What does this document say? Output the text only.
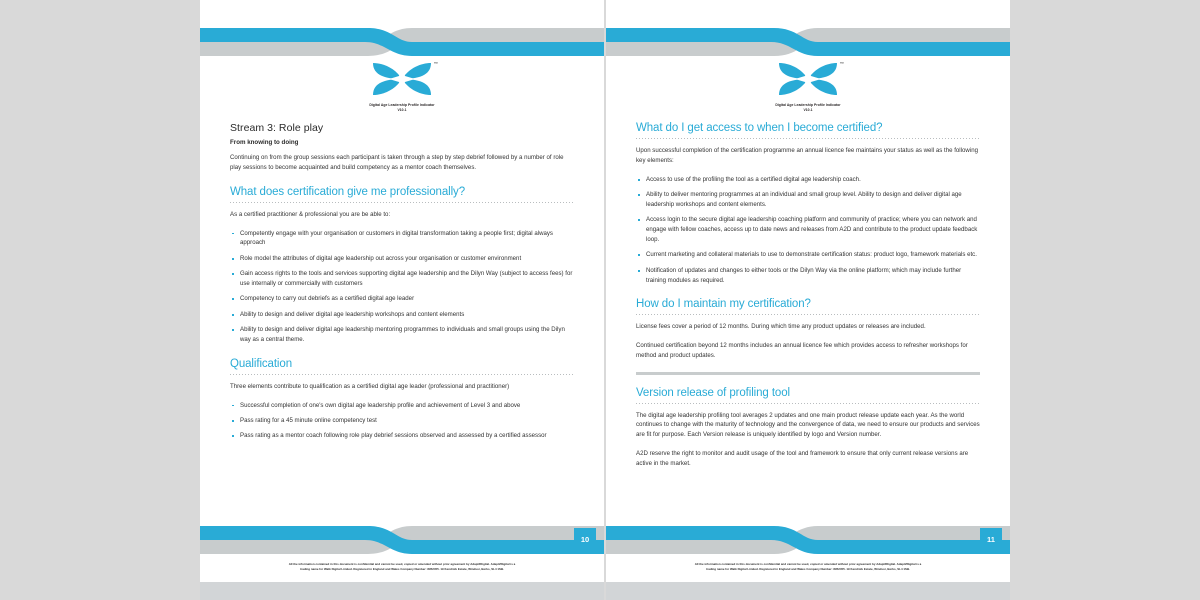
™
Digital Age Leadership Profile Indicator
V10.1
Stream 3: Role play
From knowing to doing

Continuing on from the group sessions each participant is taken through a step by step debrief followed by a number of role play sessions to become acquainted and build competency as a mentor coach themselves.

What does certification give me professionally?

As a certified practitioner & professional you are be able to:

Competently engage with your organisation or customers in digital transformation taking a people first; digital always approach
Role model the attributes of digital age leadership out across your organisation or customer environment
Gain access rights to the tools and services supporting digital age leadership and the Dilyn Way (subject to access fees) for use internally or commercially with customers
Competency to carry out debriefs as a certified digital age leader
Ability to design and deliver digital age leadership workshops and content elements
Ability to design and deliver digital age leadership mentoring programmes to individuals and small groups using the Dilyn way as a central theme.
Qualification

Three elements contribute to qualification as a certified digital age leader (professional and practitioner)

Successful completion of one's own digital age leadership profile and achievement of Level 3 and above
Pass rating for a 45 minute online competency test
Pass rating as a mentor coach following role play debrief sessions observed and assessed by a certified assessor
10
All the information contained in this document is confidential and cannot be used, copied or amended without prior agreement by Adapt2Digital. Adapt2Digital is a
trading name for Walk Digital Limited. Registered in England and Wales Company Number: 8952455. 19 Kendrick Estate, Windsor, Berks, SL4 1SB.
™
Digital Age Leadership Profile Indicator
V10.1
What do I get access to when I become certified?

Upon successful completion of the certification programme an annual licence fee maintains your status as well as the following key elements:

Access to use of the profiling the tool as a certified digital age leadership coach.
Ability to deliver mentoring programmes at an individual and small group level. Ability to design and deliver digital age leadership workshops and content elements.
Access login to the secure digital age leadership coaching platform and community of practice; where you can network and engage with fellow coaches, access up to date news and releases from A2D and contribute to the product update feedback loop.
Current marketing and collateral materials to use to demonstrate certification status: product logo, framework materials etc.
Notification of updates and changes to either tools or the Dilyn Way via the online platform; which may include further training modules as required.
How do I maintain my certification?

License fees cover a period of 12 months. During which time any product updates or releases are included.

Continued certification beyond 12 months includes an annual licence fee which provides access to refresher workshops for method and product updates.

Version release of profiling tool

The digital age leadership profiling tool averages 2 updates and one main product release update each year. As the world continues to change with the maturity of technology and the convergence of data, we need to ensure our products and services are fit for purpose. Each Version release is uniquely identified by logo and Version number.

A2D reserve the right to monitor and audit usage of the tool and framework to ensure that only current release versions are active in the market.

11
All the information contained in this document is confidential and cannot be used, copied or amended without prior agreement by Adapt2Digital. Adapt2Digital is a
trading name for Walk Digital Limited. Registered in England and Wales Company Number: 8952455. 19 Kendrick Estate, Windsor, Berks, SL4 1SB.
